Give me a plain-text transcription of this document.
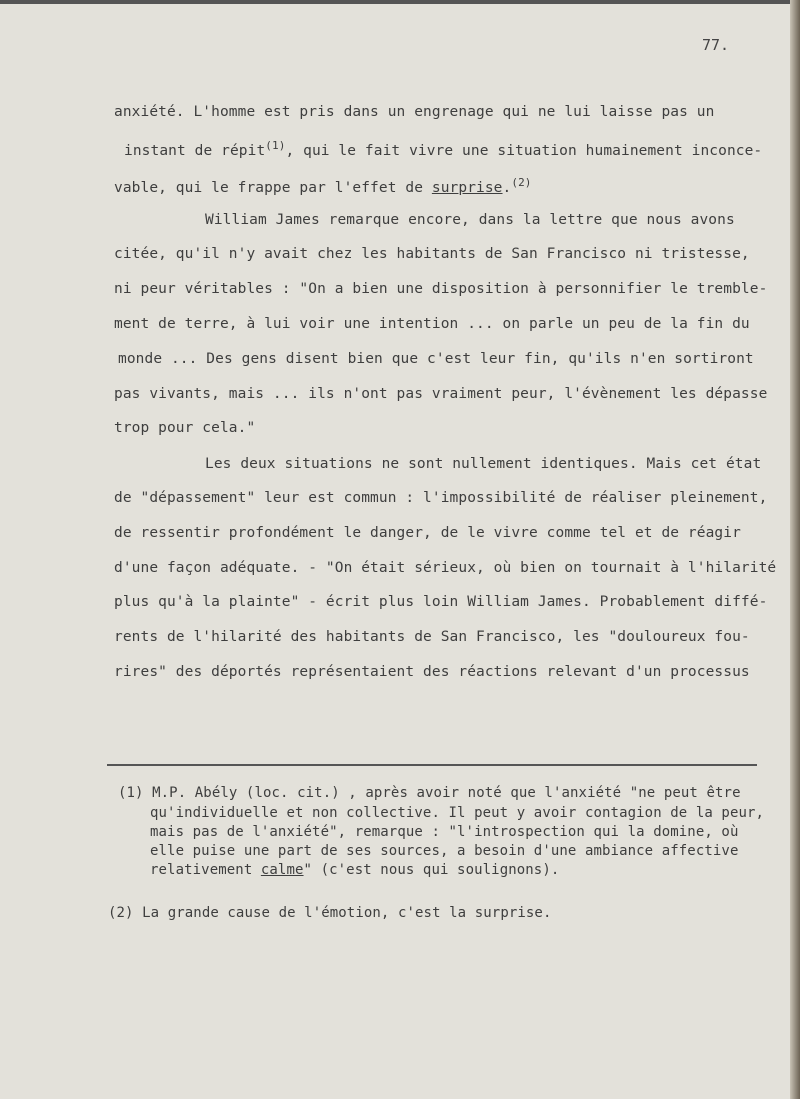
77.
anxiété. L'homme est pris dans un engrenage qui ne lui laisse pas un
instant de répit$^{(1)}$, qui le fait vivre une situation humainement inconce-
vable, qui le frappe par l'effet de surprise.$^{(2)}$
William James remarque encore, dans la lettre que nous avons
citée, qu'il n'y avait chez les habitants de San Francisco ni tristesse,
ni peur véritables : "On a bien une disposition à personnifier le tremble-
ment de terre, à lui voir une intention ... on parle un peu de la fin du
monde ... Des gens disent bien que c'est leur fin, qu'ils n'en sortiront
pas vivants, mais ... ils n'ont pas vraiment peur, l'évènement les dépasse
trop pour cela."
Les deux situations ne sont nullement identiques. Mais cet état
de "dépassement" leur est commun : l'impossibilité de réaliser pleinement,
de ressentir profondément le danger, de le vivre comme tel et de réagir
d'une façon adéquate. - "On était sérieux, où bien on tournait à l'hilarité
plus qu'à la plainte" - écrit plus loin William James. Probablement diffé-
rents de l'hilarité des habitants de San Francisco, les "douloureux fou-
rires" des déportés représentaient des réactions relevant d'un processus
(1) M.P. Abély (loc. cit.) , après avoir noté que l'anxiété "ne peut être
qu'individuelle et non collective. Il peut y avoir contagion de la peur,
mais pas de l'anxiété", remarque : "l'introspection qui la domine, où
elle puise une part de ses sources, a besoin d'une ambiance affective
relativement calme" (c'est nous qui soulignons).
(2) La grande cause de l'émotion, c'est la surprise.
